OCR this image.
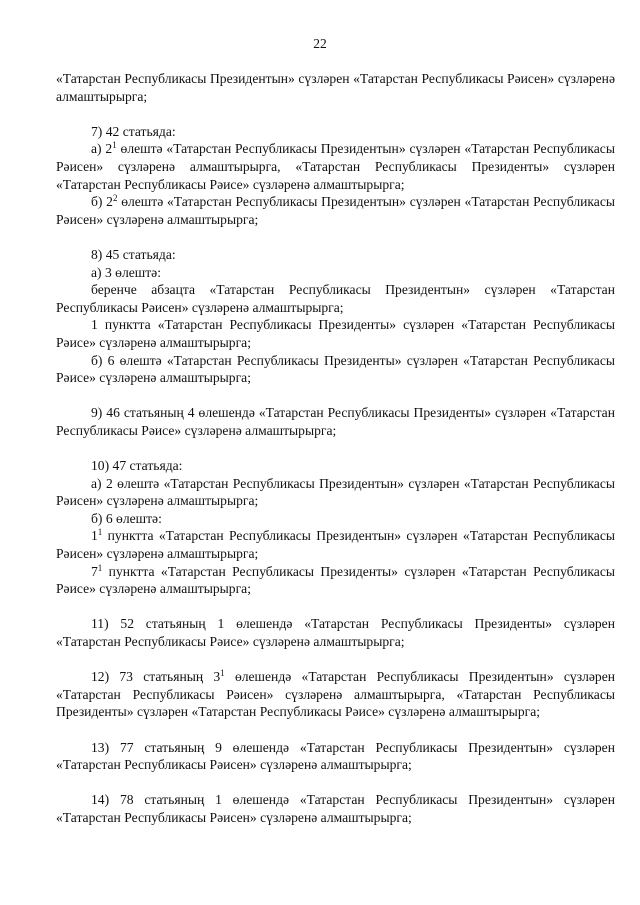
22

«Татарстан Республикасы Президентын» сүзләрен «Татарстан Республикасы Рәисен» сүзләренә алмаштырырга;

7) 42 статьяда:

а) $2^1$ өлештә «Татарстан Республикасы Президентын» сүзләрен «Татарстан Республикасы Рәисен» сүзләренә алмаштырырга, «Татарстан Республикасы Президенты» сүзләрен «Татарстан Республикасы Рәисе» сүзләренә алмаштырырга;

б) $2^2$ өлештә «Татарстан Республикасы Президентын» сүзләрен «Татарстан Республикасы Рәисен» сүзләренә алмаштырырга;

8) 45 статьяда:

а) 3 өлештә:

беренче абзацта «Татарстан Республикасы Президентын» сүзләрен «Татарстан Республикасы Рәисен» сүзләренә алмаштырырга;

1 пунктта «Татарстан Республикасы Президенты» сүзләрен «Татарстан Республикасы Рәисе» сүзләренә алмаштырырга;

б) 6 өлештә «Татарстан Республикасы Президенты» сүзләрен «Татарстан Республикасы Рәисе» сүзләренә алмаштырырга;

9) 46 статьяның 4 өлешендә «Татарстан Республикасы Президенты» сүзләрен «Татарстан Республикасы Рәисе» сүзләренә алмаштырырга;

10) 47 статьяда:

а) 2 өлештә «Татарстан Республикасы Президентын» сүзләрен «Татарстан Республикасы Рәисен» сүзләренә алмаштырырга;

б) 6 өлештә:

$1^1$ пунктта «Татарстан Республикасы Президентын» сүзләрен «Татарстан Республикасы Рәисен» сүзләренә алмаштырырга;

$7^1$ пунктта «Татарстан Республикасы Президенты» сүзләрен «Татарстан Республикасы Рәисе» сүзләренә алмаштырырга;

11) 52 статьяның 1 өлешендә «Татарстан Республикасы Президенты» сүзләрен «Татарстан Республикасы Рәисе» сүзләренә алмаштырырга;

12) 73 статьяның $3^1$ өлешендә «Татарстан Республикасы Президентын» сүзләрен «Татарстан Республикасы Рәисен» сүзләренә алмаштырырга, «Татарстан Республикасы Президенты» сүзләрен «Татарстан Республикасы Рәисе» сүзләренә алмаштырырга;

13) 77 статьяның 9 өлешендә «Татарстан Республикасы Президентын» сүзләрен «Татарстан Республикасы Рәисен» сүзләренә алмаштырырга;

14) 78 статьяның 1 өлешендә «Татарстан Республикасы Президентын» сүзләрен «Татарстан Республикасы Рәисен» сүзләренә алмаштырырга;
